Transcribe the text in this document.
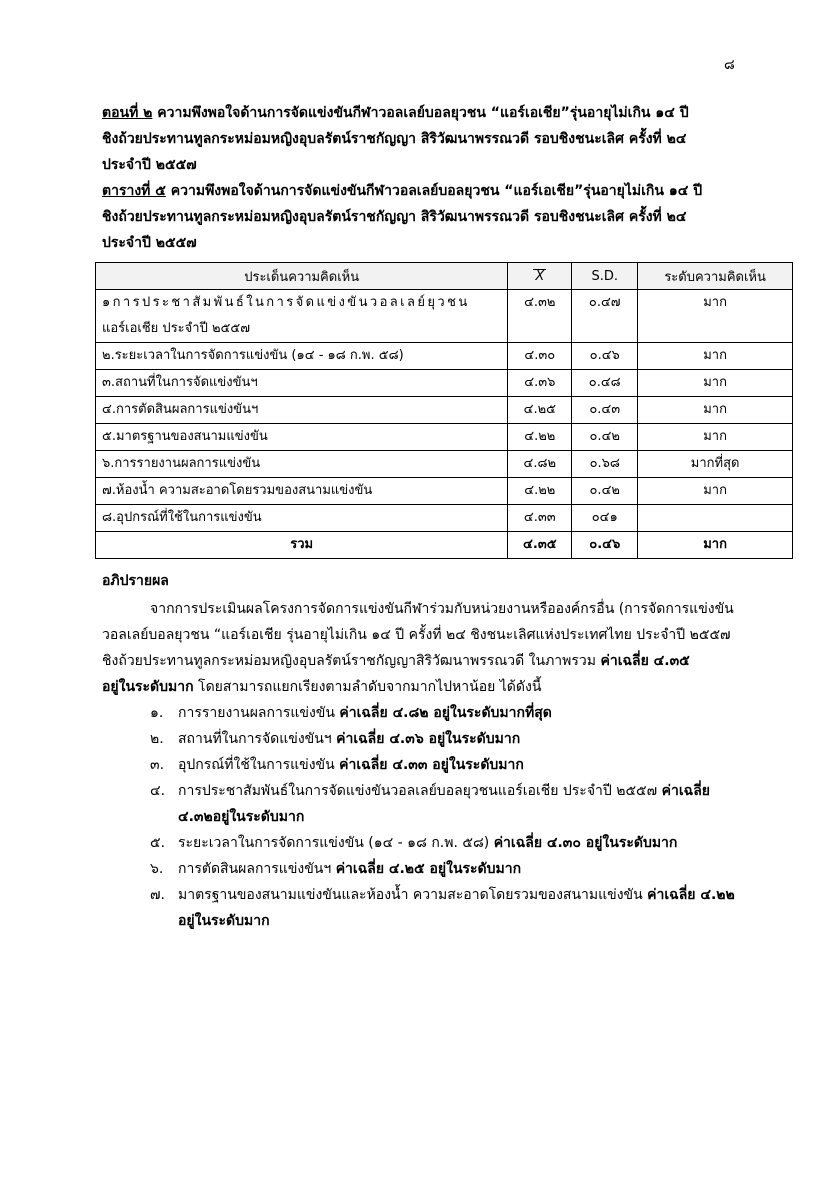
๘
ตอนที่ ๒ ความพึงพอใจด้านการจัดแข่งขันกีฬาวอลเลย์บอลยุวชน “แอร์เอเชีย”รุ่นอายุไม่เกิน ๑๔ ปี
ชิงถ้วยประทานทูลกระหม่อมหญิงอุบลรัตน์ราชกัญญา สิริวัฒนาพรรณวดี รอบชิงชนะเลิศ ครั้งที่ ๒๔
ประจำปี ๒๕๕๗
ตารางที่ ๕ ความพึงพอใจด้านการจัดแข่งขันกีฬาวอลเลย์บอลยุวชน “แอร์เอเชีย”รุ่นอายุไม่เกิน ๑๔ ปี
ชิงถ้วยประทานทูลกระหม่อมหญิงอุบลรัตน์ราชกัญญา สิริวัฒนาพรรณวดี รอบชิงชนะเลิศ ครั้งที่ ๒๔
ประจำปี ๒๕๕๗
ประเด็นความคิดเห็น	X	S.D.	ระดับความคิดเห็น

๑การประชาสัมพันธ์ในการจัดแข่งขันวอลเลย์ยุวชน
แอร์เอเชีย ประจำปี ๒๕๕๗	๔.๓๒	๐.๔๗	มาก
๒.ระยะเวลาในการจัดการแข่งขัน (๑๔ - ๑๘ ก.พ. ๕๘)	๔.๓๐	๐.๔๖	มาก
๓.สถานที่ในการจัดแข่งขันฯ	๔.๓๖	๐.๔๘	มาก
๔.การตัดสินผลการแข่งขันฯ	๔.๒๕	๐.๔๓	มาก
๕.มาตรฐานของสนามแข่งขัน	๔.๒๒	๐.๔๒	มาก
๖.การรายงานผลการแข่งขัน	๔.๘๒	๐.๖๘	มากที่สุด
๗.ห้องน้ำ ความสะอาดโดยรวมของสนามแข่งขัน	๔.๒๒	๐.๔๒	มาก
๘.อุปกรณ์ที่ใช้ในการแข่งขัน	๔.๓๓	๐๔๑	
รวม	๔.๓๕	๐.๔๖	มาก
อภิปรายผล
จากการประเมินผลโครงการจัดการแข่งขันกีฬาร่วมกับหน่วยงานหรือองค์กรอื่น (การจัดการแข่งขัน
วอลเลย์บอลยุวชน “แอร์เอเชีย รุ่นอายุไม่เกิน ๑๔ ปี ครั้งที่ ๒๔ ชิงชนะเลิศแห่งประเทศไทย ประจำปี ๒๕๕๗
ชิงถ้วยประทานทูลกระหม่อมหญิงอุบลรัตน์ราชกัญญาสิริวัฒนาพรรณวดี ในภาพรวม ค่าเฉลี่ย ๔.๓๕
อยู่ในระดับมาก โดยสามารถแยกเรียงตามลำดับจากมากไปหาน้อย ได้ดังนี้
๑. การรายงานผลการแข่งขัน ค่าเฉลี่ย ๔.๘๒ อยู่ในระดับมากที่สุด
๒. สถานที่ในการจัดแข่งขันฯ ค่าเฉลี่ย ๔.๓๖ อยู่ในระดับมาก
๓. อุปกรณ์ที่ใช้ในการแข่งขัน ค่าเฉลี่ย ๔.๓๓ อยู่ในระดับมาก
๔. การประชาสัมพันธ์ในการจัดแข่งขันวอลเลย์บอลยุวชนแอร์เอเชีย ประจำปี ๒๕๕๗ ค่าเฉลี่ย
๔.๓๒อยู่ในระดับมาก
๕. ระยะเวลาในการจัดการแข่งขัน (๑๔ - ๑๘ ก.พ. ๕๘) ค่าเฉลี่ย ๔.๓๐ อยู่ในระดับมาก
๖. การตัดสินผลการแข่งขันฯ ค่าเฉลี่ย ๔.๒๕ อยู่ในระดับมาก
๗. มาตรฐานของสนามแข่งขันและห้องน้ำ ความสะอาดโดยรวมของสนามแข่งขัน ค่าเฉลี่ย ๔.๒๒
อยู่ในระดับมาก
